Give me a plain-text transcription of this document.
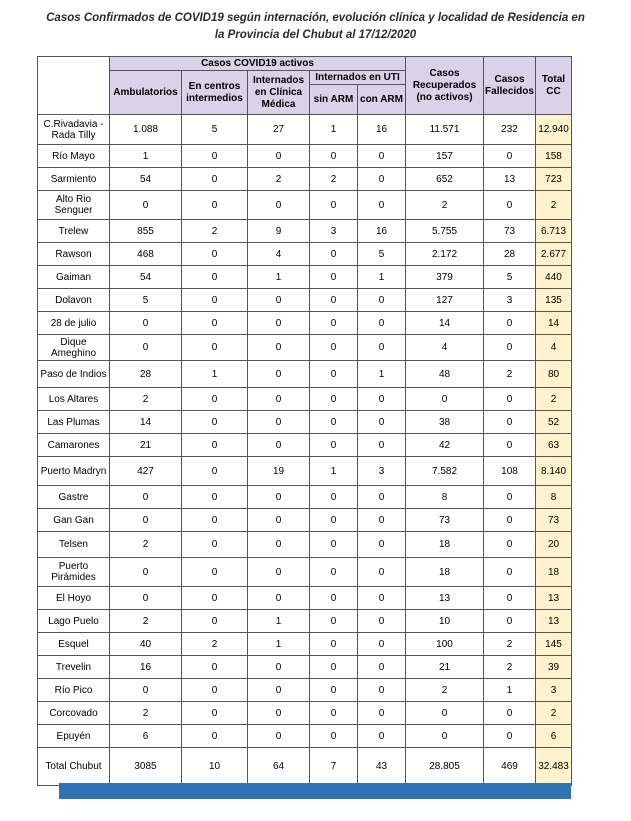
Casos Confirmados de COVID19 según internación, evolución clínica y localidad de Residencia en
la Provincia del Chubut al 17/12/2020
	Casos COVID19 activos					Casos Recuperados (no activos)	Casos Fallecidos	Total CC
	Ambulatorios	En centros intermedios	Internados en Clínica Médica	Internados en UTI				
				sin ARM	con ARM			
C.Rivadavia - Rada Tilly	1.088	5	27	1	16	11.571	232	12.940
Río Mayo	1	0	0	0	0	157	0	158
Sarmiento	54	0	2	2	0	652	13	723
Alto Rio Senguer	0	0	0	0	0	2	0	2
Trelew	855	2	9	3	16	5.755	73	6.713
Rawson	468	0	4	0	5	2.172	28	2.677
Gaiman	54	0	1	0	1	379	5	440
Dolavon	5	0	0	0	0	127	3	135
28 de julio	0	0	0	0	0	14	0	14
Dique Ameghino	0	0	0	0	0	4	0	4
Paso de Indios	28	1	0	0	1	48	2	80
Los Altares	2	0	0	0	0	0	0	2
Las Plumas	14	0	0	0	0	38	0	52
Camarones	21	0	0	0	0	42	0	63
Puerto Madryn	427	0	19	1	3	7.582	108	8.140
Gastre	0	0	0	0	0	8	0	8
Gan Gan	0	0	0	0	0	73	0	73
Telsen	2	0	0	0	0	18	0	20
Puerto Pirámides	0	0	0	0	0	18	0	18
El Hoyo	0	0	0	0	0	13	0	13
Lago Puelo	2	0	1	0	0	10	0	13
Esquel	40	2	1	0	0	100	2	145
Trevelin	16	0	0	0	0	21	2	39
Río Pico	0	0	0	0	0	2	1	3
Corcovado	2	0	0	0	0	0	0	2
Epuyén	6	0	0	0	0	0	0	6
Total Chubut	3085	10	64	7	43	28.805	469	32.483
